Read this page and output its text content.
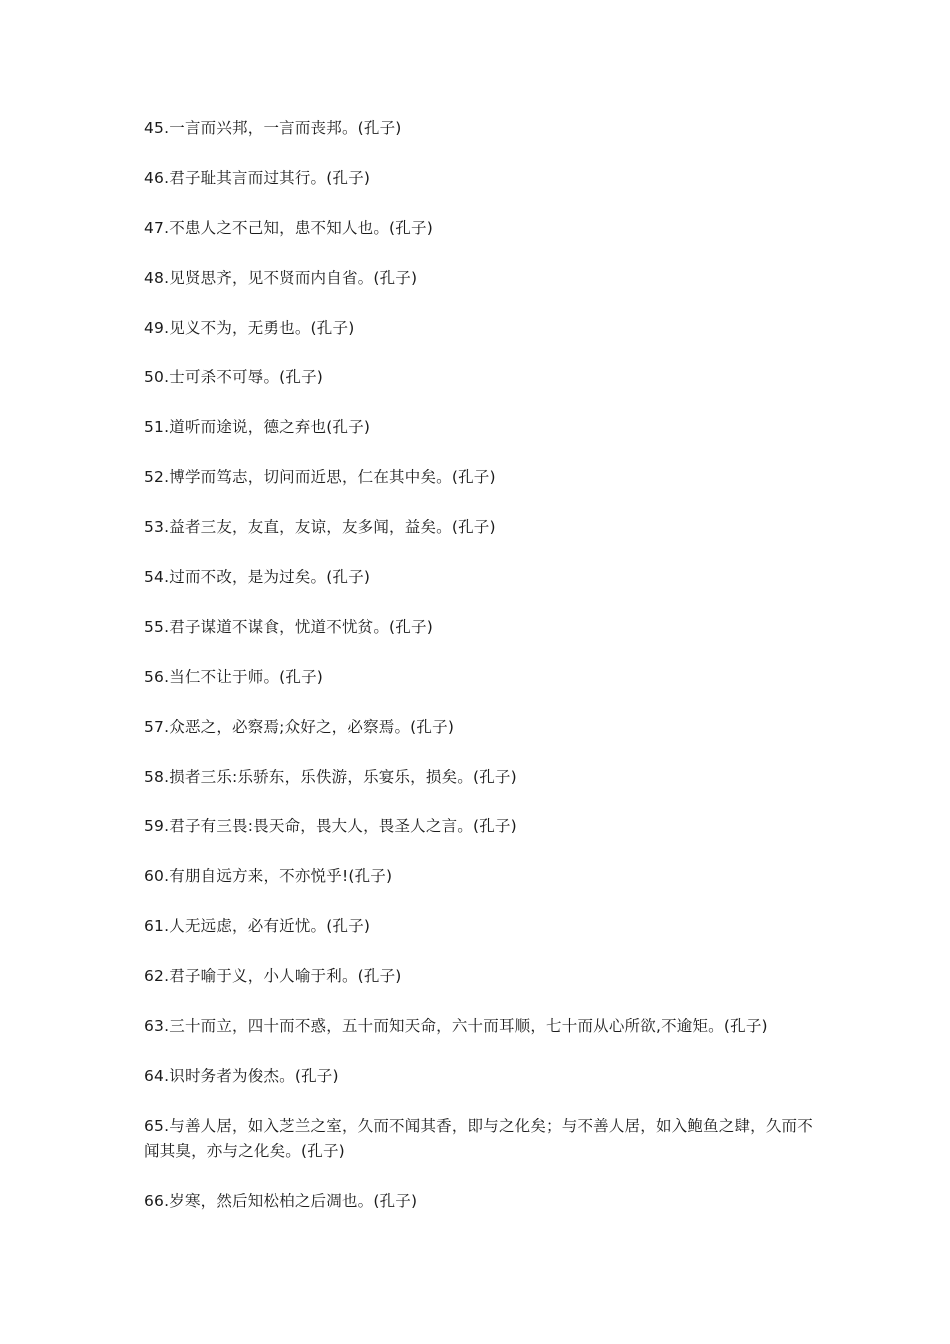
45.一言而兴邦，一言而丧邦。(孔子)
46.君子耻其言而过其行。(孔子)
47.不患人之不己知，患不知人也。(孔子)
48.见贤思齐，见不贤而内自省。(孔子)
49.见义不为，无勇也。(孔子)
50.士可杀不可辱。(孔子)
51.道听而途说，德之弃也(孔子)
52.博学而笃志，切问而近思，仁在其中矣。(孔子)
53.益者三友，友直，友谅，友多闻，益矣。(孔子)
54.过而不改，是为过矣。(孔子)
55.君子谋道不谋食，忧道不忧贫。(孔子)
56.当仁不让于师。(孔子)
57.众恶之，必察焉;众好之，必察焉。(孔子)
58.损者三乐:乐骄东，乐佚游，乐宴乐，损矣。(孔子)
59.君子有三畏:畏天命，畏大人，畏圣人之言。(孔子)
60.有朋自远方来，不亦悦乎!(孔子)
61.人无远虑，必有近忧。(孔子)
62.君子喻于义，小人喻于利。(孔子)
63.三十而立，四十而不惑，五十而知天命，六十而耳顺，七十而从心所欲,不逾矩。(孔子)
64.识时务者为俊杰。(孔子)
65.与善人居，如入芝兰之室，久而不闻其香，即与之化矣；与不善人居，如入鲍鱼之肆，久而不闻其臭，亦与之化矣。(孔子)
66.岁寒，然后知松柏之后凋也。(孔子)
